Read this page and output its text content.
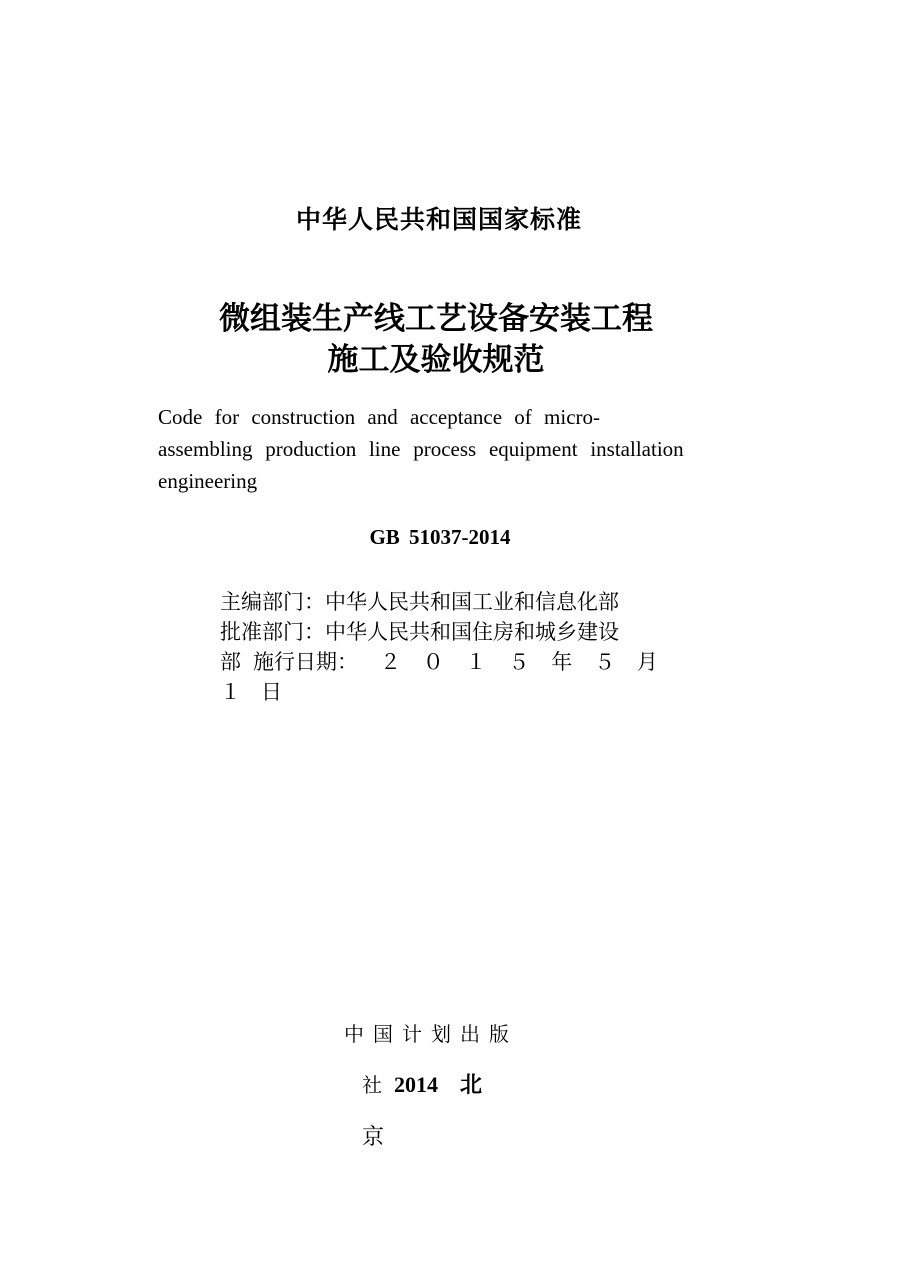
中华人民共和国国家标准
微组装生产线工艺设备安装工程
施工及验收规范
Code for construction and acceptance of micro-
assembling production line process equipment installation
engineering
GB 51037-2014
主编部门：中华人民共和国工业和信息化部
批准部门：中华人民共和国住房和城乡建设
部 施行日期： ２ ０ １ ５ 年 ５ 月
１ 日
中国计划出版
社 2014 北
京
